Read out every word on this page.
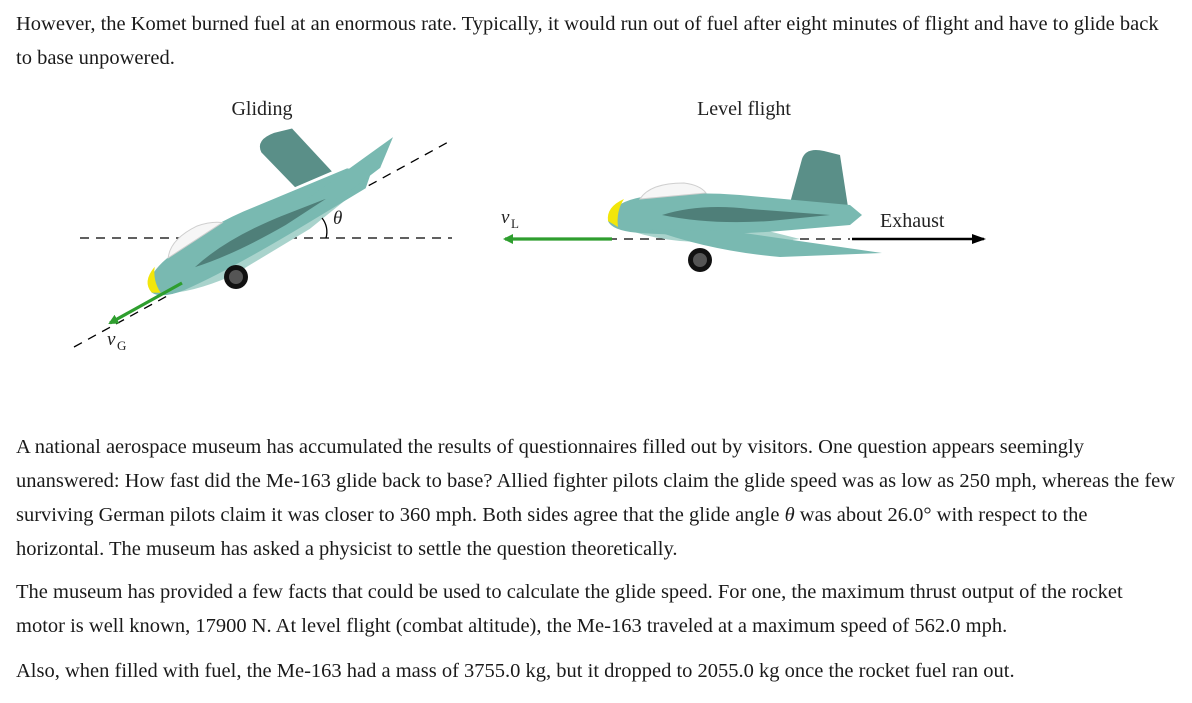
However, the Komet burned fuel at an enormous rate. Typically, it would run out of fuel after eight minutes of flight and have to glide back to base unpowered.

Gliding
θ
v G
Level flight
v L	Exhaust

A national aerospace museum has accumulated the results of questionnaires filled out by visitors. One question appears seemingly unanswered: How fast did the Me-163 glide back to base? Allied fighter pilots claim the glide speed was as low as 250 mph, whereas the few surviving German pilots claim it was closer to 360 mph. Both sides agree that the glide angle θ was about 26.0° with respect to the horizontal. The museum has asked a physicist to settle the question theoretically.

The museum has provided a few facts that could be used to calculate the glide speed. For one, the maximum thrust output of the rocket motor is well known, 17900 N. At level flight (combat altitude), the Me-163 traveled at a maximum speed of 562.0 mph.

Also, when filled with fuel, the Me-163 had a mass of 3755.0 kg, but it dropped to 2055.0 kg once the rocket fuel ran out.
